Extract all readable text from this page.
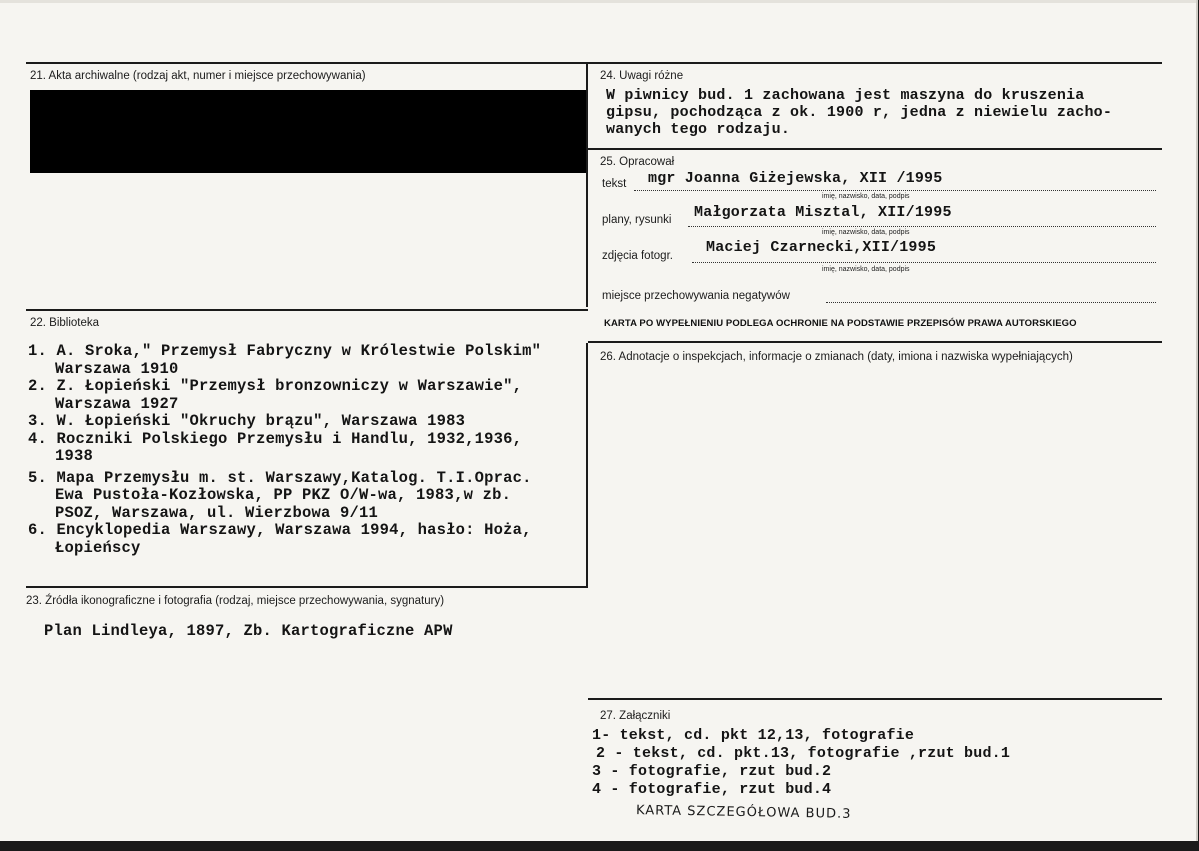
21. Akta archiwalne (rodzaj akt, numer i miejsce przechowywania)
22. Biblioteka
1. A. Sroka," Przemysł Fabryczny w Królestwie Polskim"
Warszawa 1910
2. Z. Łopieński "Przemysł bronzowniczy w Warszawie",
Warszawa 1927
3. W. Łopieński "Okruchy brązu", Warszawa 1983
4. Roczniki Polskiego Przemysłu i Handlu, 1932,1936,
1938
5. Mapa Przemysłu m. st. Warszawy,Katalog. T.I.Oprac.
Ewa Pustoła-Kozłowska, PP PKZ O/W-wa, 1983,w zb.
PSOZ, Warszawa, ul. Wierzbowa 9/11
6. Encyklopedia Warszawy, Warszawa 1994, hasło: Hoża,
Łopieńscy
23. Źródła ikonograficzne i fotografia (rodzaj, miejsce przechowywania, sygnatury)
Plan Lindleya, 1897, Zb. Kartograficzne APW
24. Uwagi różne
W piwnicy bud. 1 zachowana jest maszyna do kruszenia
gipsu, pochodząca z ok. 1900 r, jedna z niewielu zacho-
wanych tego rodzaju.
25. Opracował
tekst mgr Joanna Giżejewska, XII /1995
imię, nazwisko, data, podpis
plany, rysunki Małgorzata Misztal, XII/1995
imię, nazwisko, data, podpis
zdjęcia fotogr. Maciej Czarnecki,XII/1995
imię, nazwisko, data, podpis
miejsce przechowywania negatywów
KARTA PO WYPEŁNIENIU PODLEGA OCHRONIE NA PODSTAWIE PRZEPISÓW PRAWA AUTORSKIEGO
26. Adnotacje o inspekcjach, informacje o zmianach (daty, imiona i nazwiska wypełniających)
27. Załączniki
1- tekst, cd. pkt 12,13, fotografie
2 - tekst, cd. pkt.13, fotografie ,rzut bud.1
3 - fotografie, rzut bud.2
4 - fotografie, rzut bud.4
KARTA SZCZEGÓŁOWA BUD.3
